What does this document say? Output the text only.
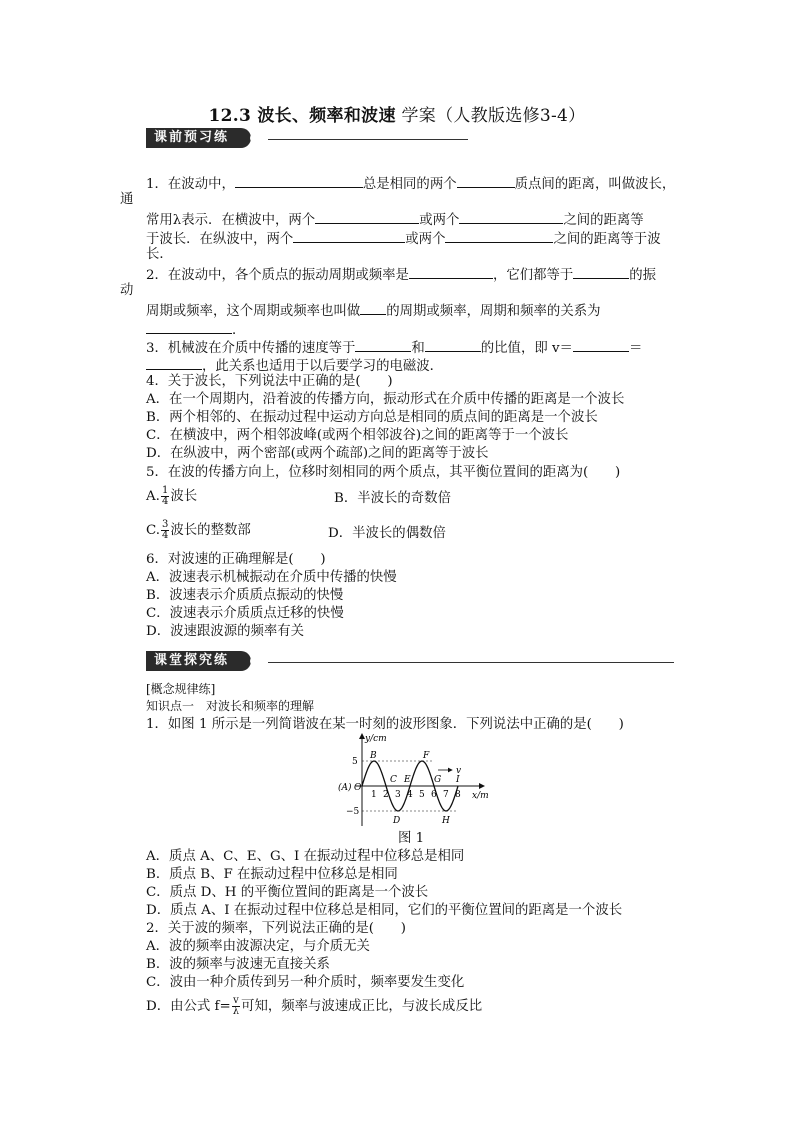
12.3 波长、频率和波速 学案（人教版选修3-4）
课前预习练
1．在波动中，	总是相同的两个	质点间的距离，叫做波长，
通
常用λ表示．在横波中，两个	或两个	之间的距离等
于波长．在纵波中，两个	或两个	之间的距离等于波
长．
2．在波动中，各个质点的振动周期或频率是	，它们都等于	的振
动
周期或频率，这个周期或频率也叫做 的周期或频率，周期和频率的关系为
．
3．机械波在介质中传播的速度等于	和	的比值，即 v＝	＝
，此关系也适用于以后要学习的电磁波．
4．关于波长，下列说法中正确的是(　　)
A．在一个周期内，沿着波的传播方向，振动形式在介质中传播的距离是一个波长
B．两个相邻的、在振动过程中运动方向总是相同的质点间的距离是一个波长
C．在横波中，两个相邻波峰(或两个相邻波谷)之间的距离等于一个波长
D．在纵波中，两个密部(或两个疏部)之间的距离等于波长
5．在波的传播方向上，位移时刻相同的两个质点，其平衡位置间的距离为(　　)
A. $\frac{1}{4}$ 波长	B．半波长的奇数倍
C. $\frac{3}{4}$ 波长的整数部	D．半波长的偶数倍
6．对波速的正确理解是(　　)
A．波速表示机械振动在介质中传播的快慢
B．波速表示介质质点振动的快慢
C．波速表示介质质点迁移的快慢
D．波速跟波源的频率有关
课堂探究练
[概念规律练]
知识点一　对波长和频率的理解
1．如图 1 所示是一列简谐波在某一时刻的波形图象．下列说法中正确的是(　　)
y/cm
x/m
5
−5
O
(A)
B
C
D
E
F
G
H
I
v
1 2 3 4 5 6 7 8
图 1
A．质点 A、C、E、G、I 在振动过程中位移总是相同
B．质点 B、F 在振动过程中位移总是相同
C．质点 D、H 的平衡位置间的距离是一个波长
D．质点 A、I 在振动过程中位移总是相同，它们的平衡位置间的距离是一个波长
2．关于波的频率，下列说法正确的是(　　)
A．波的频率由波源决定，与介质无关
B．波的频率与波速无直接关系
C．波由一种介质传到另一种介质时，频率要发生变化
D．由公式 $f= \frac{v}{\lambda}$ 可知，频率与波速成正比，与波长成反比
